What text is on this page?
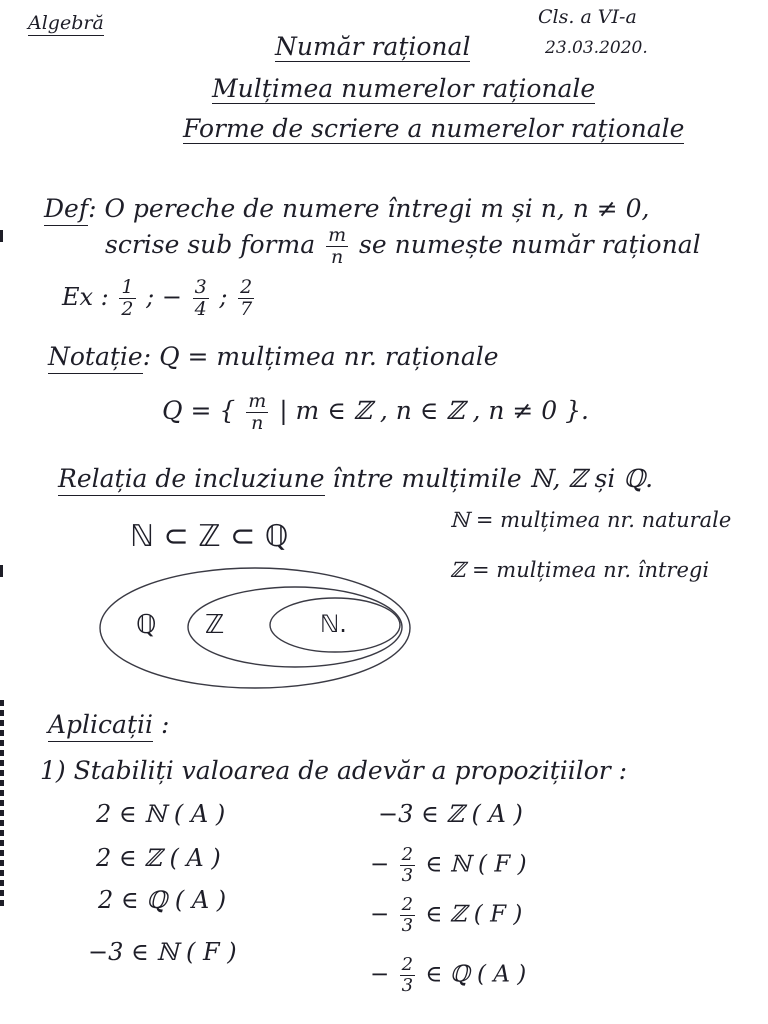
Algebră	Cls. a VI-a
23.03.2020.
Număr rațional
Mulțimea numerelor raționale
Forme de scriere a numerelor raționale
Def: O pereche de numere întregi m și n, n ≠ 0,
scrise sub forma $\frac{m}{n}$ se numește număr rațional
Ex : $\frac{1}{2}$ ; − $\frac{3}{4}$ ; $\frac{2}{7}$
Notație: Q = mulțimea nr. raționale
Q = { $\frac{m}{n}$ | m ∈ ℤ , n ∈ ℤ , n ≠ 0 }.
Relația de incluziune între mulțimile ℕ, ℤ și ℚ.
ℕ ⊂ ℤ ⊂ ℚ	ℕ = mulțimea nr. naturale
ℤ = mulțimea nr. întregi
ℚ ℤ	ℕ.
Aplicații :
1) Stabiliți valoarea de adevăr a propozițiilor :
2 ∈ ℕ ( A )
2 ∈ ℤ ( A )
2 ∈ ℚ ( A )
−3 ∈ ℕ ( F )
−3 ∈ ℤ ( A )
− $\frac{2}{3}$ ∈ ℕ ( F )
− $\frac{2}{3}$ ∈ ℤ ( F )
− $\frac{2}{3}$ ∈ ℚ ( A )
